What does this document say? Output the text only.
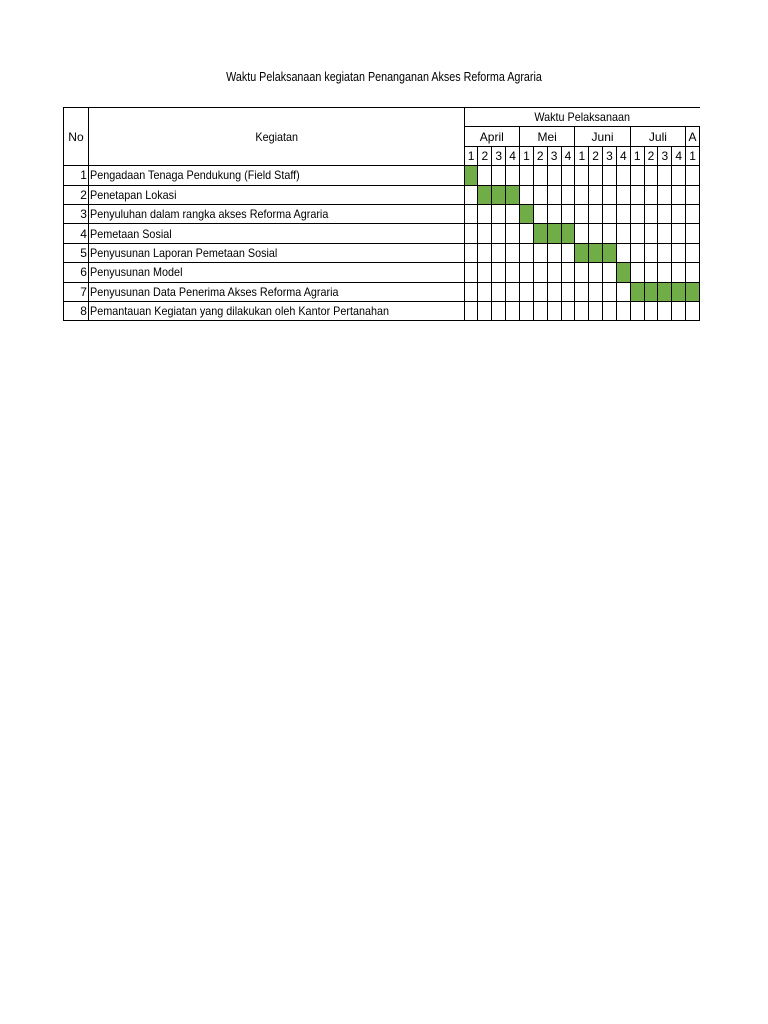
Waktu Pelaksanaan kegiatan Penanganan Akses Reforma Agraria
No	Kegiatan	Waktu Pelaksanaan																
		April				Mei				Juni				Juli				A
		1	2	3	4	1	2	3	4	1	2	3	4	1	2	3	4	1
1	Pengadaan Tenaga Pendukung (Field Staff)																	
2	Penetapan Lokasi																	
3	Penyuluhan dalam rangka akses Reforma Agraria																	
4	Pemetaan Sosial																	
5	Penyusunan Laporan Pemetaan Sosial																	
6	Penyusunan Model																	
7	Penyusunan Data Penerima Akses Reforma Agraria																	
8	Pemantauan Kegiatan yang dilakukan oleh Kantor Pertanahan																	
